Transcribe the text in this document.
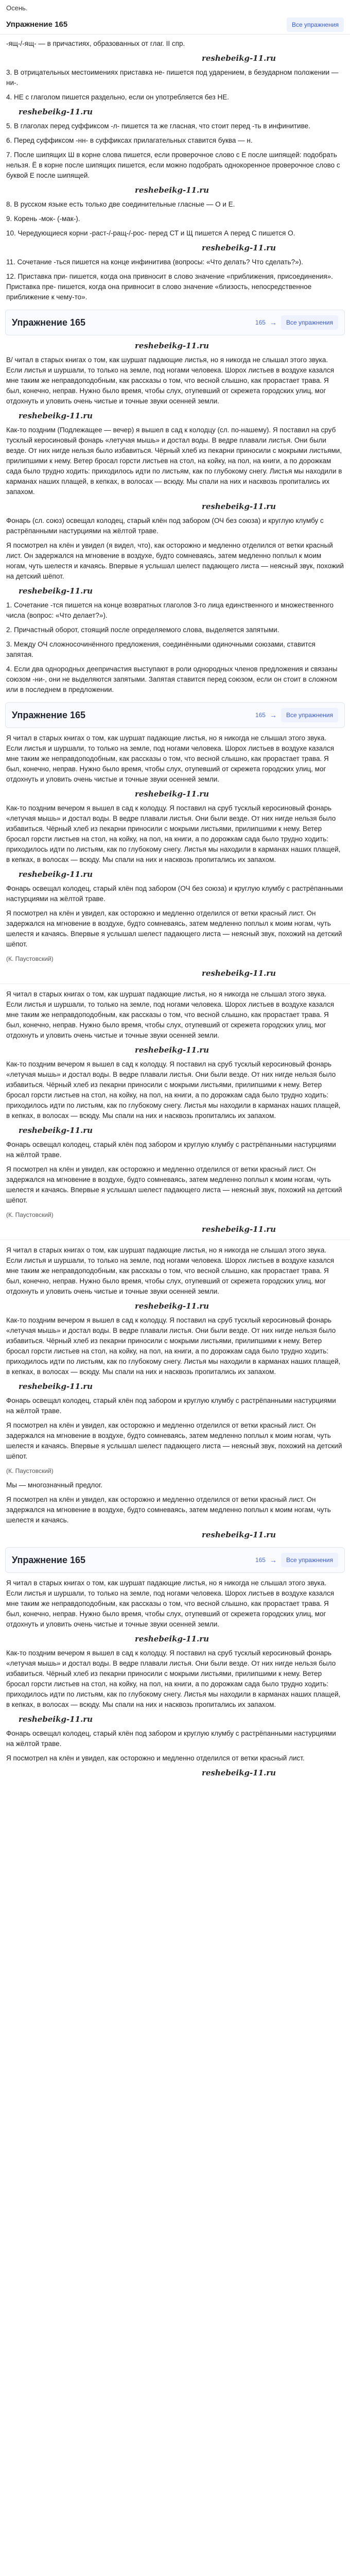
Осень.
Упражнение 165	Все упражнения

-ящ-/-ящ- — в причастиях, образованных от глаг. II спр.

reshebeikg-11.ru

3. В отрицательных местоимениях приставка не- пишется под ударением, в безударном положении — ни-.

4. НЕ с глаголом пишется раздельно, если он употребляется без НЕ.

reshebeikg-11.ru

5. В глаголах перед суффиксом -л- пишется та же гласная, что стоит перед -ть в инфинитиве.

6. Перед суффиксом -нн- в суффиксах прилагательных ставится буква — н.

7. После шипящих Ш в корне слова пишется, если проверочное слово с Е после шипящей: подобрать нельзя. Ё в корне после шипящих пишется, если можно подобрать однокоренное проверочное слово с буквой Е после шипящей.

reshebeikg-11.ru

8. В русском языке есть только две соединительные гласные — О и Е.

9. Корень -мок- (-мак-).

10. Чередующиеся корни -раст-/-ращ-/-рос- перед СТ и Щ пишется А перед С пишется О.

reshebeikg-11.ru

11. Сочетание -ться пишется на конце инфинитива (вопросы: «Что делать? Что сделать?»).

12. Приставка при- пишется, когда она привносит в слово значение «приближения, присоединения». Приставка пре- пишется, когда она привносит в слово значение «близость, непосредственное приближение к чему-то».

Упражнение 165	165 →	Все упражнения
reshebeikg-11.ru

В/ читал в старых книгах о том, как шуршат падающие листья, но я никогда не слышал этого звука. Если листья и шуршали, то только на земле, под ногами человека. Шорох листьев в воздухе казался мне таким же неправдоподобным, как рассказы о том, что весной слышно, как прорастает трава. Я был, конечно, неправ. Нужно было время, чтобы слух, отупевший от скрежета городских улиц, мог отдохнуть и уловить очень чистые и точные звуки осенней земли.

reshebeikg-11.ru

Как-то поздним (Подлежащее — вечер) я вышел в сад к колодцу (сл. по-нашему). Я поставил на сруб тусклый керосиновый фонарь «летучая мышь» и достал воды. В ведре плавали листья. Они были везде. От них нигде нельзя было избавиться. Чёрный хлеб из пекарни приносили с мокрыми листьями, прилипшими к нему. Ветер бросал горсти листьев на стол, на койку, на пол, на книги, а по дорожкам сада было трудно ходить: приходилось идти по листьям, как по глубокому снегу. Листья мы находили в карманах наших плащей, в кепках, в волосах — всюду. Мы спали на них и насквозь пропитались их запахом.

reshebeikg-11.ru

Фонарь (сл. союз) освещал колодец, старый клён под забором (ОЧ без союза) и круглую клумбу с растрёпанными настурциями на жёлтой траве.

Я посмотрел на клён и увидел (я видел, что), как осторожно и медленно отделился от ветки красный лист. Он задержался на мгновение в воздухе, будто сомневаясь, затем медленно поплыл к моим ногам, чуть шелестя и качаясь. Впервые я услышал шелест падающего листа — неясный звук, похожий на детский шёпот.

reshebeikg-11.ru

1. Сочетание -тся пишется на конце возвратных глаголов 3-го лица единственного и множественного числа (вопрос: «Что делает?»).

2. Причастный оборот, стоящий после определяемого слова, выделяется запятыми.

3. Между ОЧ сложносочинённого предложения, соединёнными одиночными союзами, ставится запятая.

4. Если два однородных деепричастия выступают в роли однородных членов предложения и связаны союзом -ни-, они не выделяются запятыми. Запятая ставится перед союзом, если он стоит в сложном или в последнем в предложении.

Упражнение 165	165 →	Все упражнения

Я читал в старых книгах о том, как шуршат падающие листья, но я никогда не слышал этого звука. Если листья и шуршали, то только на земле, под ногами человека. Шорох листьев в воздухе казался мне таким же неправдоподобным, как рассказы о том, что весной слышно, как прорастает трава. Я был, конечно, неправ. Нужно было время, чтобы слух, отупевший от скрежета городских улиц, мог отдохнуть и уловить очень чистые и точные звуки осенней земли.

reshebeikg-11.ru

Как-то поздним вечером я вышел в сад к колодцу. Я поставил на сруб тусклый керосиновый фонарь «летучая мышь» и достал воды. В ведре плавали листья. Они были везде. От них нигде нельзя было избавиться. Чёрный хлеб из пекарни приносили с мокрыми листьями, прилипшими к нему. Ветер бросал горсти листьев на стол, на койку, на пол, на книги, а по дорожкам сада было трудно ходить: приходилось идти по листьям, как по глубокому снегу. Листья мы находили в карманах наших плащей, в кепках, в волосах — всюду. Мы спали на них и насквозь пропитались их запахом.

reshebeikg-11.ru

Фонарь освещал колодец, старый клён под забором (ОЧ без союза) и круглую клумбу с растрёпанными настурциями на жёлтой траве.

Я посмотрел на клён и увидел, как осторожно и медленно отделился от ветки красный лист. Он задержался на мгновение в воздухе, будто сомневаясь, затем медленно поплыл к моим ногам, чуть шелестя и качаясь. Впервые я услышал шелест падающего листа — неясный звук, похожий на детский шёпот.

(К. Паустовский)

reshebeikg-11.ru

Я читал в старых книгах о том, как шуршат падающие листья, но я никогда не слышал этого звука. Если листья и шуршали, то только на земле, под ногами человека. Шорох листьев в воздухе казался мне таким же неправдоподобным, как рассказы о том, что весной слышно, как прорастает трава. Я был, конечно, неправ. Нужно было время, чтобы слух, отупевший от скрежета городских улиц, мог отдохнуть и уловить очень чистые и точные звуки осенней земли.

reshebeikg-11.ru

Как-то поздним вечером я вышел в сад к колодцу. Я поставил на сруб тусклый керосиновый фонарь «летучая мышь» и достал воды. В ведре плавали листья. Они были везде. От них нигде нельзя было избавиться. Чёрный хлеб из пекарни приносили с мокрыми листьями, прилипшими к нему. Ветер бросал горсти листьев на стол, на койку, на пол, на книги, а по дорожкам сада было трудно ходить: приходилось идти по листьям, как по глубокому снегу. Листья мы находили в карманах наших плащей, в кепках, в волосах — всюду. Мы спали на них и насквозь пропитались их запахом.

reshebeikg-11.ru

Фонарь освещал колодец, старый клён под забором и круглую клумбу с растрёпанными настурциями на жёлтой траве.

Я посмотрел на клён и увидел, как осторожно и медленно отделился от ветки красный лист. Он задержался на мгновение в воздухе, будто сомневаясь, затем медленно поплыл к моим ногам, чуть шелестя и качаясь. Впервые я услышал шелест падающего листа — неясный звук, похожий на детский шёпот.

(К. Паустовский)

reshebeikg-11.ru

Я читал в старых книгах о том, как шуршат падающие листья, но я никогда не слышал этого звука. Если листья и шуршали, то только на земле, под ногами человека. Шорох листьев в воздухе казался мне таким же неправдоподобным, как рассказы о том, что весной слышно, как прорастает трава. Я был, конечно, неправ. Нужно было время, чтобы слух, отупевший от скрежета городских улиц, мог отдохнуть и уловить очень чистые и точные звуки осенней земли.

reshebeikg-11.ru

Как-то поздним вечером я вышел в сад к колодцу. Я поставил на сруб тусклый керосиновый фонарь «летучая мышь» и достал воды. В ведре плавали листья. Они были везде. От них нигде нельзя было избавиться. Чёрный хлеб из пекарни приносили с мокрыми листьями, прилипшими к нему. Ветер бросал горсти листьев на стол, на койку, на пол, на книги, а по дорожкам сада было трудно ходить: приходилось идти по листьям, как по глубокому снегу. Листья мы находили в карманах наших плащей, в кепках, в волосах — всюду. Мы спали на них и насквозь пропитались их запахом.

reshebeikg-11.ru

Фонарь освещал колодец, старый клён под забором и круглую клумбу с растрёпанными настурциями на жёлтой траве.

Я посмотрел на клён и увидел, как осторожно и медленно отделился от ветки красный лист. Он задержался на мгновение в воздухе, будто сомневаясь, затем медленно поплыл к моим ногам, чуть шелестя и качаясь. Впервые я услышал шелест падающего листа — неясный звук, похожий на детский шёпот.

(К. Паустовский)

Мы — многозначный предлог.

Я посмотрел на клён и увидел, как осторожно и медленно отделился от ветки красный лист. Он задержался на мгновение в воздухе, будто сомневаясь, затем медленно поплыл к моим ногам, чуть шелестя и качаясь.

reshebeikg-11.ru
Упражнение 165	165 →	Все упражнения

Я читал в старых книгах о том, как шуршат падающие листья, но я никогда не слышал этого звука. Если листья и шуршали, то только на земле, под ногами человека. Шорох листьев в воздухе казался мне таким же неправдоподобным, как рассказы о том, что весной слышно, как прорастает трава. Я был, конечно, неправ. Нужно было время, чтобы слух, отупевший от скрежета городских улиц, мог отдохнуть и уловить очень чистые и точные звуки осенней земли.

reshebeikg-11.ru

Как-то поздним вечером я вышел в сад к колодцу. Я поставил на сруб тусклый керосиновый фонарь «летучая мышь» и достал воды. В ведре плавали листья. Они были везде. От них нигде нельзя было избавиться. Чёрный хлеб из пекарни приносили с мокрыми листьями, прилипшими к нему. Ветер бросал горсти листьев на стол, на койку, на пол, на книги, а по дорожкам сада было трудно ходить: приходилось идти по листьям, как по глубокому снегу. Листья мы находили в карманах наших плащей, в кепках, в волосах — всюду. Мы спали на них и насквозь пропитались их запахом.

reshebeikg-11.ru

Фонарь освещал колодец, старый клён под забором и круглую клумбу с растрёпанными настурциями на жёлтой траве.

Я посмотрел на клён и увидел, как осторожно и медленно отделился от ветки красный лист.

reshebeikg-11.ru
